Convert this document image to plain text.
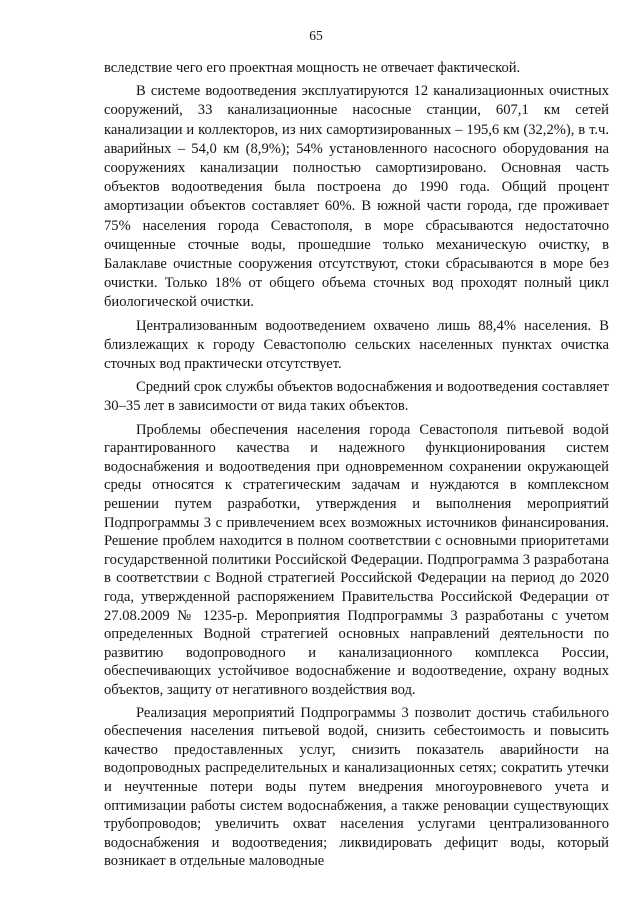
65

вследствие чего его проектная мощность не отвечает фактической.

В системе водоотведения эксплуатируются 12 канализационных очистных сооружений, 33 канализационные насосные станции, 607,1 км сетей канализации и коллекторов, из них самортизированных – 195,6 км (32,2%), в т.ч. аварийных – 54,0 км (8,9%); 54% установленного насосного оборудования на сооружениях канализации полностью самортизировано. Основная часть объектов водоотведения была построена до 1990 года. Общий процент амортизации объектов составляет 60%. В южной части города, где проживает 75% населения города Севастополя, в море сбрасываются недостаточно очищенные сточные воды, прошедшие только механическую очистку, в Балаклаве очистные сооружения отсутствуют, стоки сбрасываются в море без очистки. Только 18% от общего объема сточных вод проходят полный цикл биологической очистки.

Централизованным водоотведением охвачено лишь 88,4% населения. В близлежащих к городу Севастополю сельских населенных пунктах очистка сточных вод практически отсутствует.

Средний срок службы объектов водоснабжения и водоотведения составляет 30–35 лет в зависимости от вида таких объектов.

Проблемы обеспечения населения города Севастополя питьевой водой гарантированного качества и надежного функционирования систем водоснабжения и водоотведения при одновременном сохранении окружающей среды относятся к стратегическим задачам и нуждаются в комплексном решении путем разработки, утверждения и выполнения мероприятий Подпрограммы 3 с привлечением всех возможных источников финансирования. Решение проблем находится в полном соответствии с основными приоритетами государственной политики Российской Федерации. Подпрограмма 3 разработана в соответствии с Водной стратегией Российской Федерации на период до 2020 года, утвержденной распоряжением Правительства Российской Федерации от 27.08.2009 № 1235-р. Мероприятия Подпрограммы 3 разработаны с учетом определенных Водной стратегией основных направлений деятельности по развитию водопроводного и канализационного комплекса России, обеспечивающих устойчивое водоснабжение и водоотведение, охрану водных объектов, защиту от негативного воздействия вод.

Реализация мероприятий Подпрограммы 3 позволит достичь стабильного обеспечения населения питьевой водой, снизить себестоимость и повысить качество предоставленных услуг, снизить показатель аварийности на водопроводных распределительных и канализационных сетях; сократить утечки и неучтенные потери воды путем внедрения многоуровневого учета и оптимизации работы систем водоснабжения, а также реновации существующих трубопроводов; увеличить охват населения услугами централизованного водоснабжения и водоотведения; ликвидировать дефицит воды, который возникает в отдельные маловодные
